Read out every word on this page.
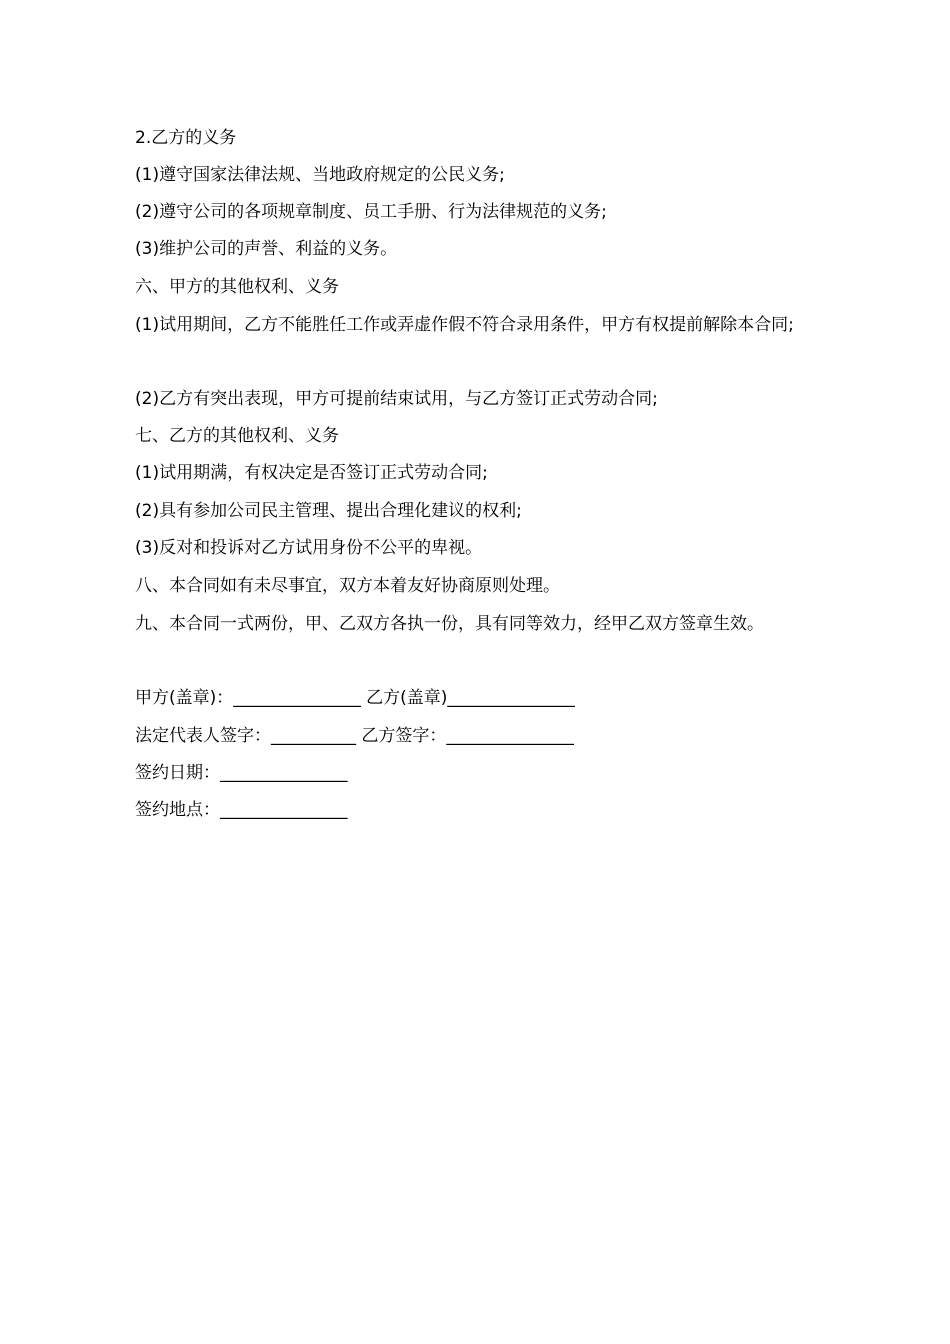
2.乙方的义务
(1)遵守国家法律法规、当地政府规定的公民义务;
(2)遵守公司的各项规章制度、员工手册、行为法律规范的义务;
(3)维护公司的声誉、利益的义务。
六、甲方的其他权利、义务
(1)试用期间，乙方不能胜任工作或弄虚作假不符合录用条件，甲方有权提前解除本合同;
(2)乙方有突出表现，甲方可提前结束试用，与乙方签订正式劳动合同;
七、乙方的其他权利、义务
(1)试用期满，有权决定是否签订正式劳动合同;
(2)具有参加公司民主管理、提出合理化建议的权利;
(3)反对和投诉对乙方试用身份不公平的卑视。
八、本合同如有未尽事宜，双方本着友好协商原则处理。
九、本合同一式两份，甲、乙双方各执一份，具有同等效力，经甲乙双方签章生效。
甲方(盖章)：_______________ 乙方(盖章)_______________
法定代表人签字：__________ 乙方签字：_______________
签约日期：_______________
签约地点：_______________
